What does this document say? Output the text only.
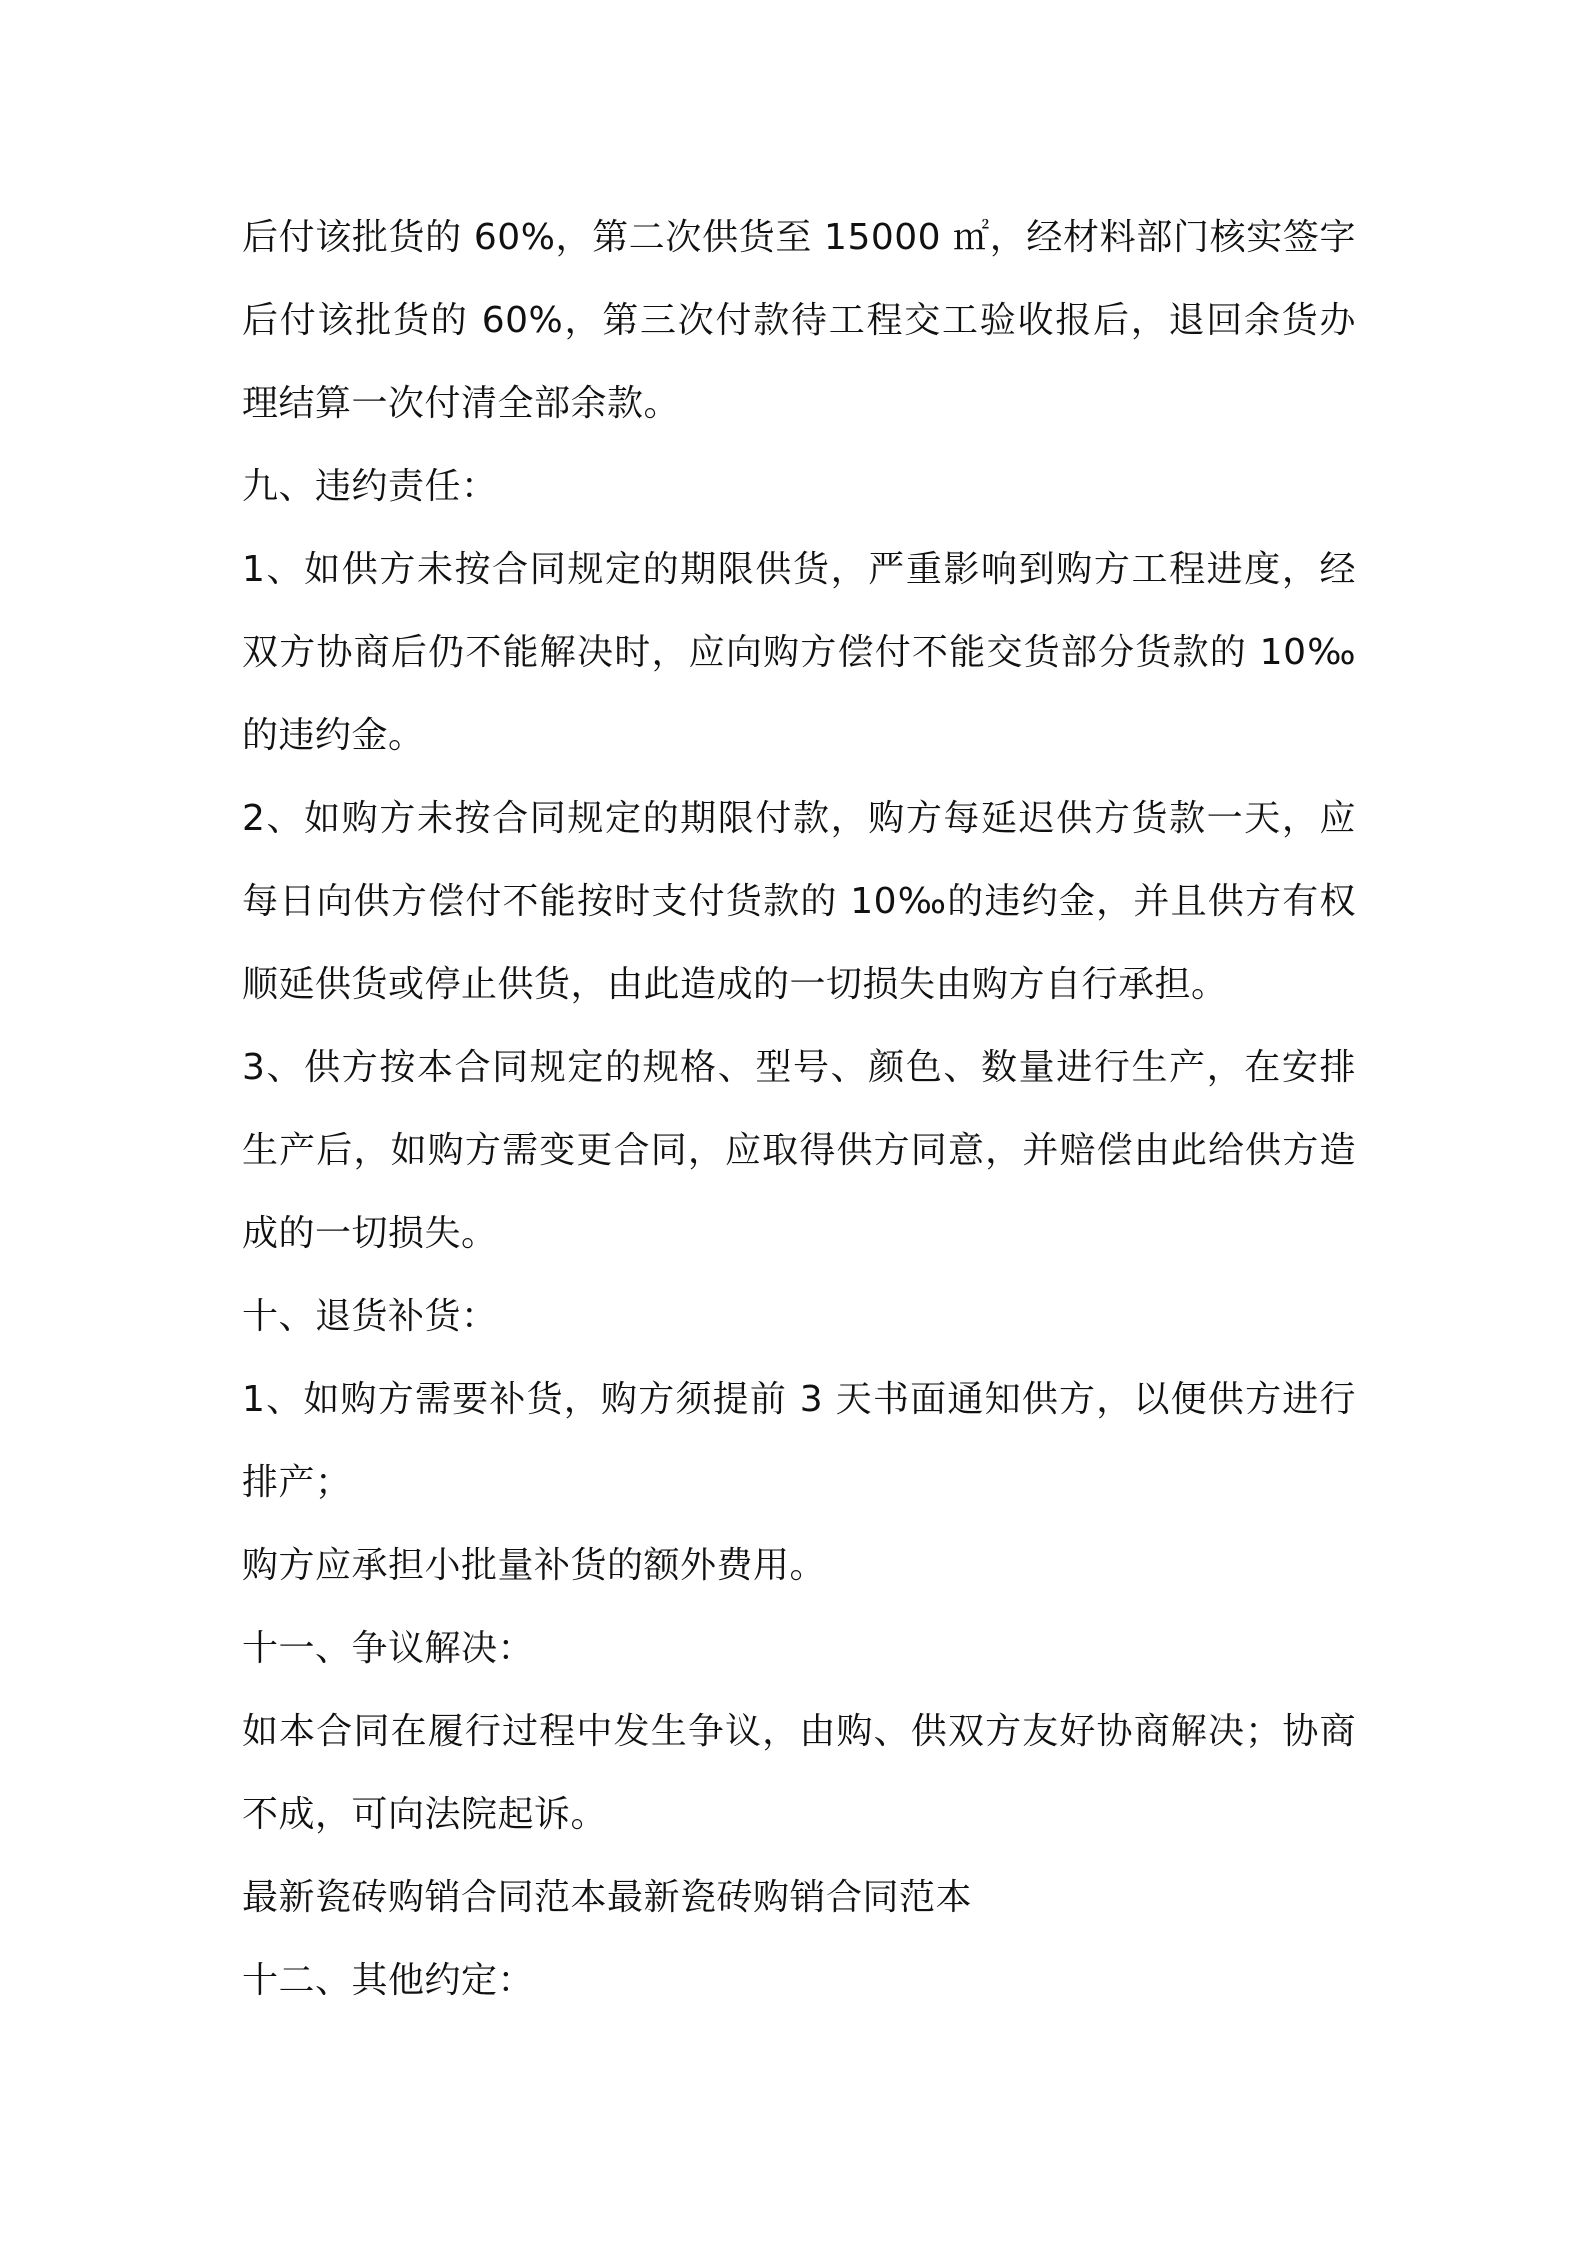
后付该批货的 60%，第二次供货至 15000 ㎡，经材料部门核实签字
后付该批货的 60%，第三次付款待工程交工验收报后，退回余货办
理结算一次付清全部余款。
九、违约责任：
1、如供方未按合同规定的期限供货，严重影响到购方工程进度，经
双方协商后仍不能解决时，应向购方偿付不能交货部分货款的 10‰
的违约金。
2、如购方未按合同规定的期限付款，购方每延迟供方货款一天，应
每日向供方偿付不能按时支付货款的 10‰的违约金，并且供方有权
顺延供货或停止供货，由此造成的一切损失由购方自行承担。
3、供方按本合同规定的规格、型号、颜色、数量进行生产，在安排
生产后，如购方需变更合同，应取得供方同意，并赔偿由此给供方造
成的一切损失。
十、退货补货：
1、如购方需要补货，购方须提前 3 天书面通知供方，以便供方进行
排产；
购方应承担小批量补货的额外费用。
十一、争议解决：
如本合同在履行过程中发生争议，由购、供双方友好协商解决；协商
不成，可向法院起诉。
最新瓷砖购销合同范本最新瓷砖购销合同范本
十二、其他约定：
